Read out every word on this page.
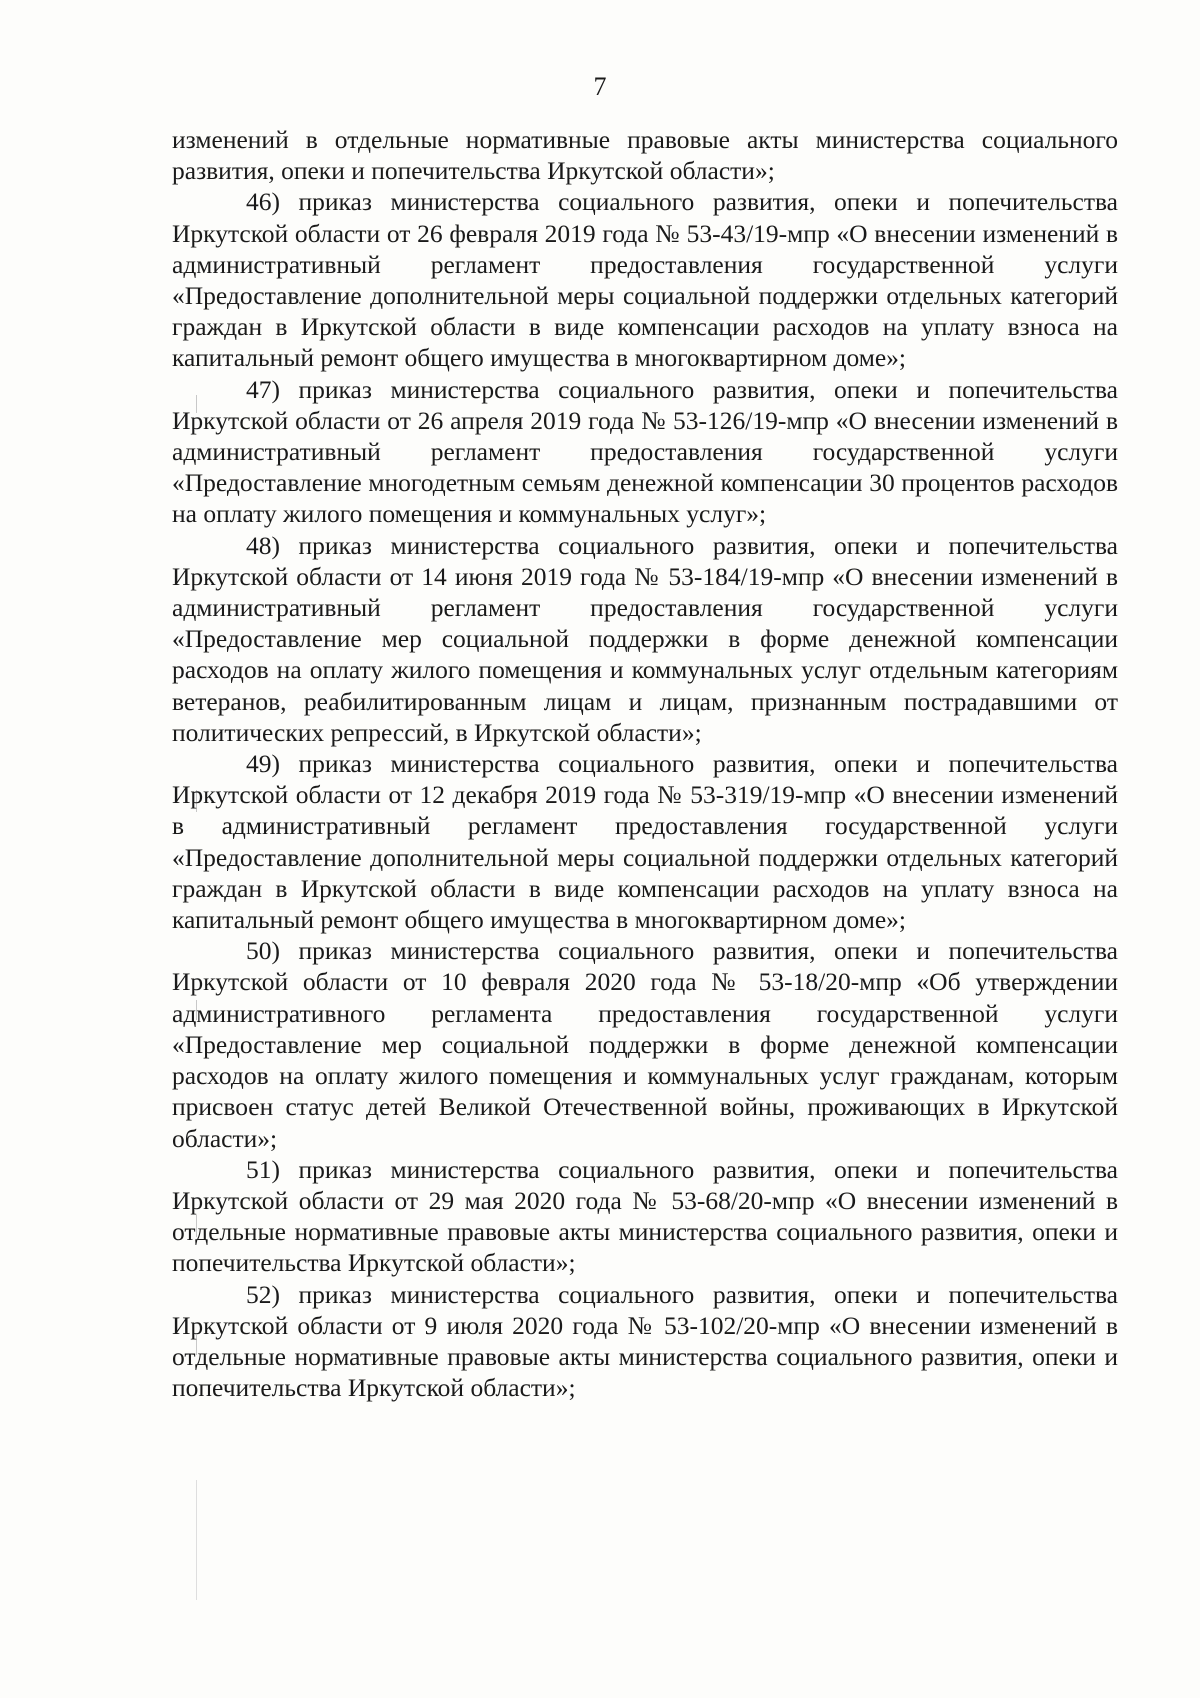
7

изменений в отдельные нормативные правовые акты министерства социального развития, опеки и попечительства Иркутской области»;

46) приказ министерства социального развития, опеки и попечительства Иркутской области от 26 февраля 2019 года № 53-43/19-мпр «О внесении изменений в административный регламент предоставления государственной услуги «Предоставление дополнительной меры социальной поддержки отдельных категорий граждан в Иркутской области в виде компенсации расходов на уплату взноса на капитальный ремонт общего имущества в многоквартирном доме»;

47) приказ министерства социального развития, опеки и попечительства Иркутской области от 26 апреля 2019 года № 53-126/19-мпр «О внесении изменений в административный регламент предоставления государственной услуги «Предоставление многодетным семьям денежной компенсации 30 процентов расходов на оплату жилого помещения и коммунальных услуг»;

48) приказ министерства социального развития, опеки и попечительства Иркутской области от 14 июня 2019 года № 53-184/19-мпр «О внесении изменений в административный регламент предоставления государственной услуги «Предоставление мер социальной поддержки в форме денежной компенсации расходов на оплату жилого помещения и коммунальных услуг отдельным категориям ветеранов, реабилитированным лицам и лицам, признанным пострадавшими от политических репрессий, в Иркутской области»;

49) приказ министерства социального развития, опеки и попечительства Иркутской области от 12 декабря 2019 года № 53-319/19-мпр «О внесении изменений в административный регламент предоставления государственной услуги «Предоставление дополнительной меры социальной поддержки отдельных категорий граждан в Иркутской области в виде компенсации расходов на уплату взноса на капитальный ремонт общего имущества в многоквартирном доме»;

50) приказ министерства социального развития, опеки и попечительства Иркутской области от 10 февраля 2020 года № 53-18/20-мпр «Об утверждении административного регламента предоставления государственной услуги «Предоставление мер социальной поддержки в форме денежной компенсации расходов на оплату жилого помещения и коммунальных услуг гражданам, которым присвоен статус детей Великой Отечественной войны, проживающих в Иркутской области»;

51) приказ министерства социального развития, опеки и попечительства Иркутской области от 29 мая 2020 года № 53-68/20-мпр «О внесении изменений в отдельные нормативные правовые акты министерства социального развития, опеки и попечительства Иркутской области»;

52) приказ министерства социального развития, опеки и попечительства Иркутской области от 9 июля 2020 года № 53-102/20-мпр «О внесении изменений в отдельные нормативные правовые акты министерства социального развития, опеки и попечительства Иркутской области»;
